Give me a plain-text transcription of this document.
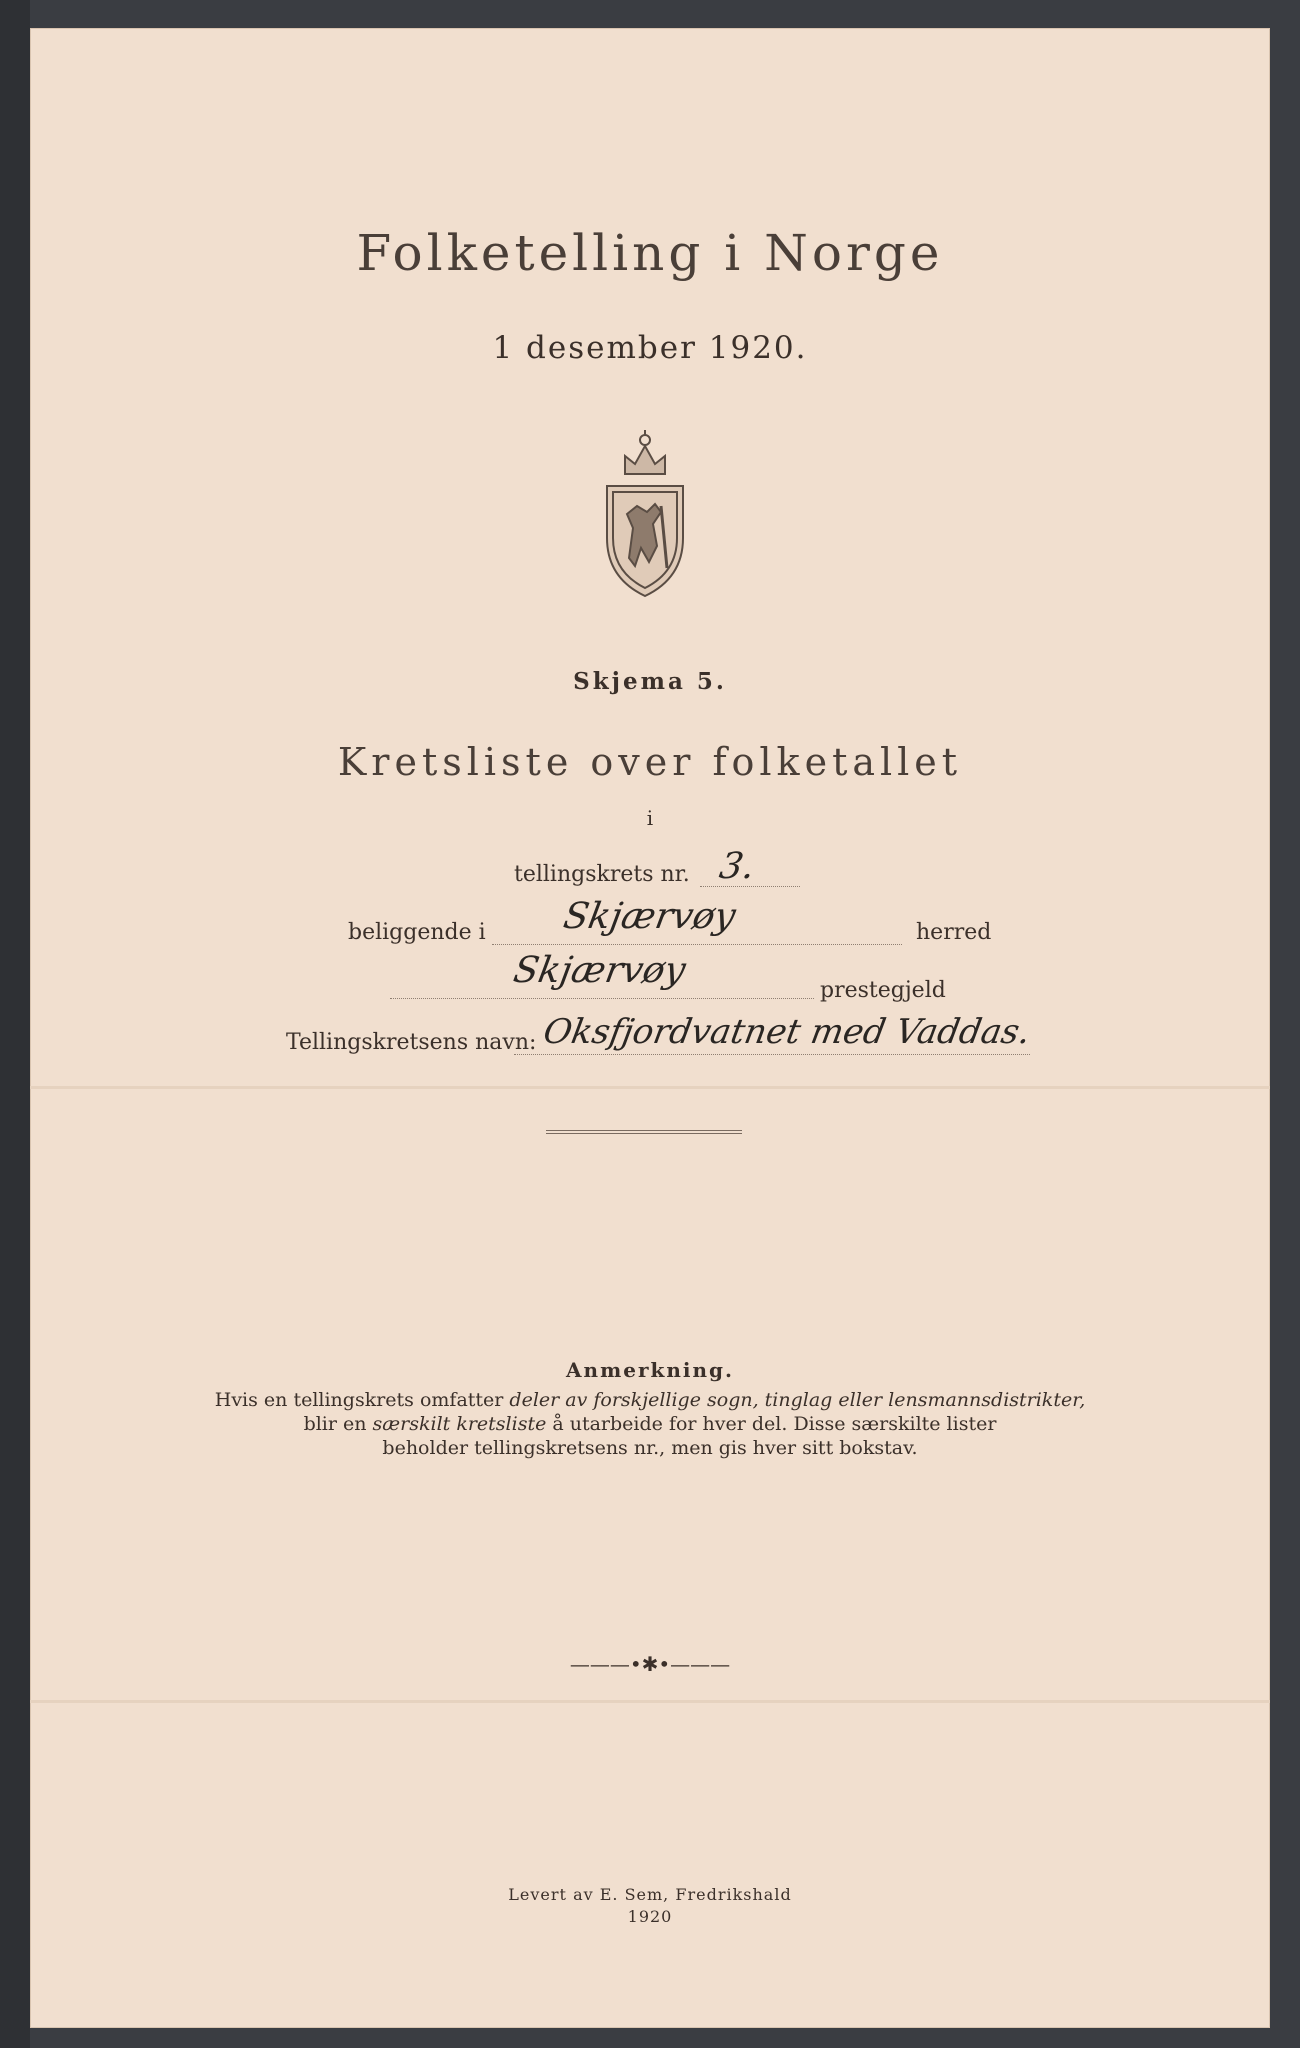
Folketelling i Norge
1 desember 1920.
Skjema 5.
Kretsliste over folketallet
i
tellingskrets nr. 3.
beliggende i Skjærvøy	herred
Skjærvøy	prestegjeld
Tellingskretsens navn: Oksfjordvatnet med Vaddas.
Anmerkning.
Hvis en tellingskrets omfatter deler av forskjellige sogn, tinglag eller lensmannsdistrikter,
blir en særskilt kretsliste å utarbeide for hver del. Disse særskilte lister
beholder tellingskretsens nr., men gis hver sitt bokstav.
———•✱•———
Levert av E. Sem, Fredrikshald
1920
